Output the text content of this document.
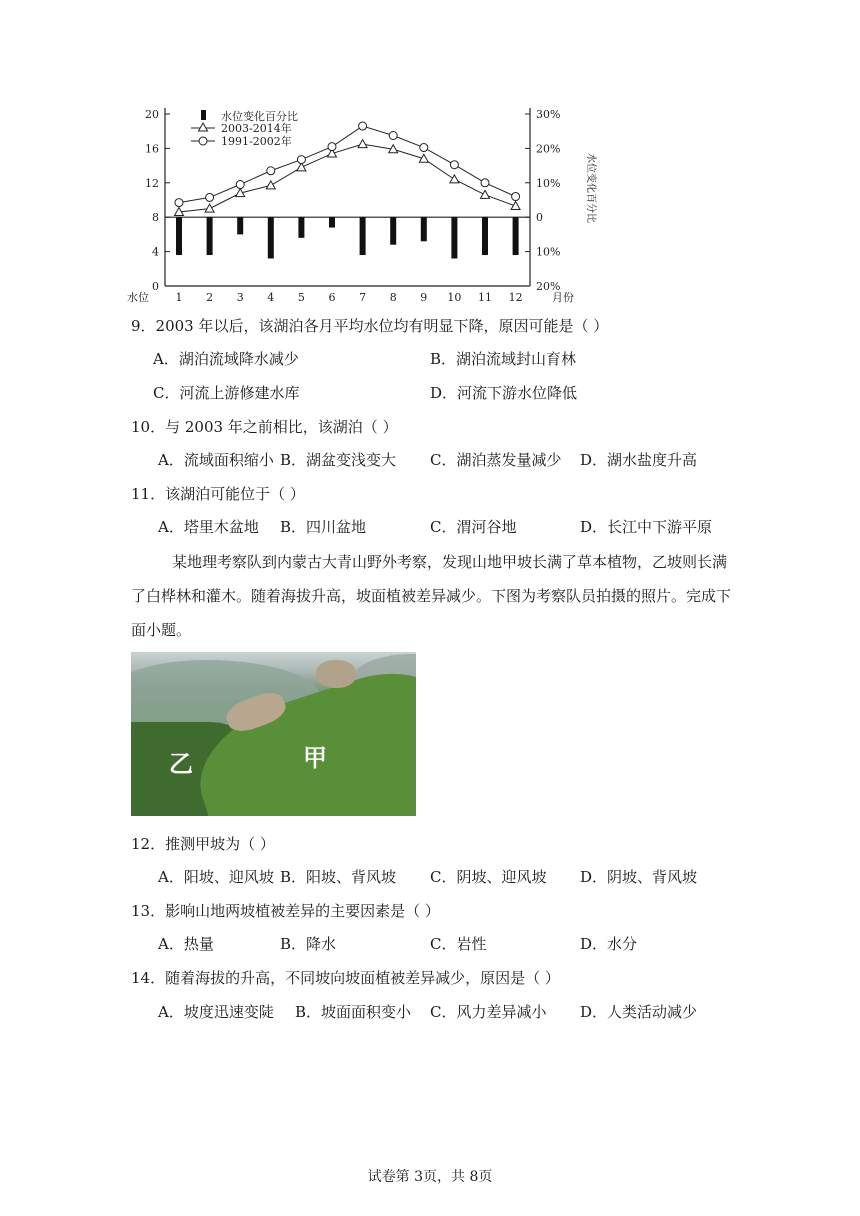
0
4
8
12
16
20
20%
10%
0
10%
20%
30%
1 2 3 4 5 6 7 8 9 10 11 12
水位	月份
水位变化百分比
水位变化百分比
2003-2014年
1991-2002年
9．2003 年以后，该湖泊各月平均水位均有明显下降，原因可能是（ ）
A．湖泊流域降水减少	B．湖泊流域封山育林
C．河流上游修建水库	D．河流下游水位降低
10．与 2003 年之前相比，该湖泊（ ）
A．流域面积缩小 B．湖盆变浅变大 C．湖泊蒸发量减少 D．湖水盐度升高
11．该湖泊可能位于（ ）
A．塔里木盆地 B．四川盆地	C．渭河谷地	D．长江中下游平原
某地理考察队到内蒙古大青山野外考察，发现山地甲坡长满了草本植物，乙坡则长满
了白桦林和灌木。随着海拔升高，坡面植被差异减少。下图为考察队员拍摄的照片。完成下
面小题。
乙	甲
12．推测甲坡为（ ）
A．阳坡、迎风坡 B．阳坡、背风坡 C．阴坡、迎风坡 D．阴坡、背风坡
13．影响山地两坡植被差异的主要因素是（ ）
A．热量	B．降水	C．岩性	D．水分
14．随着海拔的升高，不同坡向坡面植被差异减少，原因是（ ）
A．坡度迅速变陡 B．坡面面积变小 C．风力差异减小 D．人类活动减少
试卷第 3页，共 8页
